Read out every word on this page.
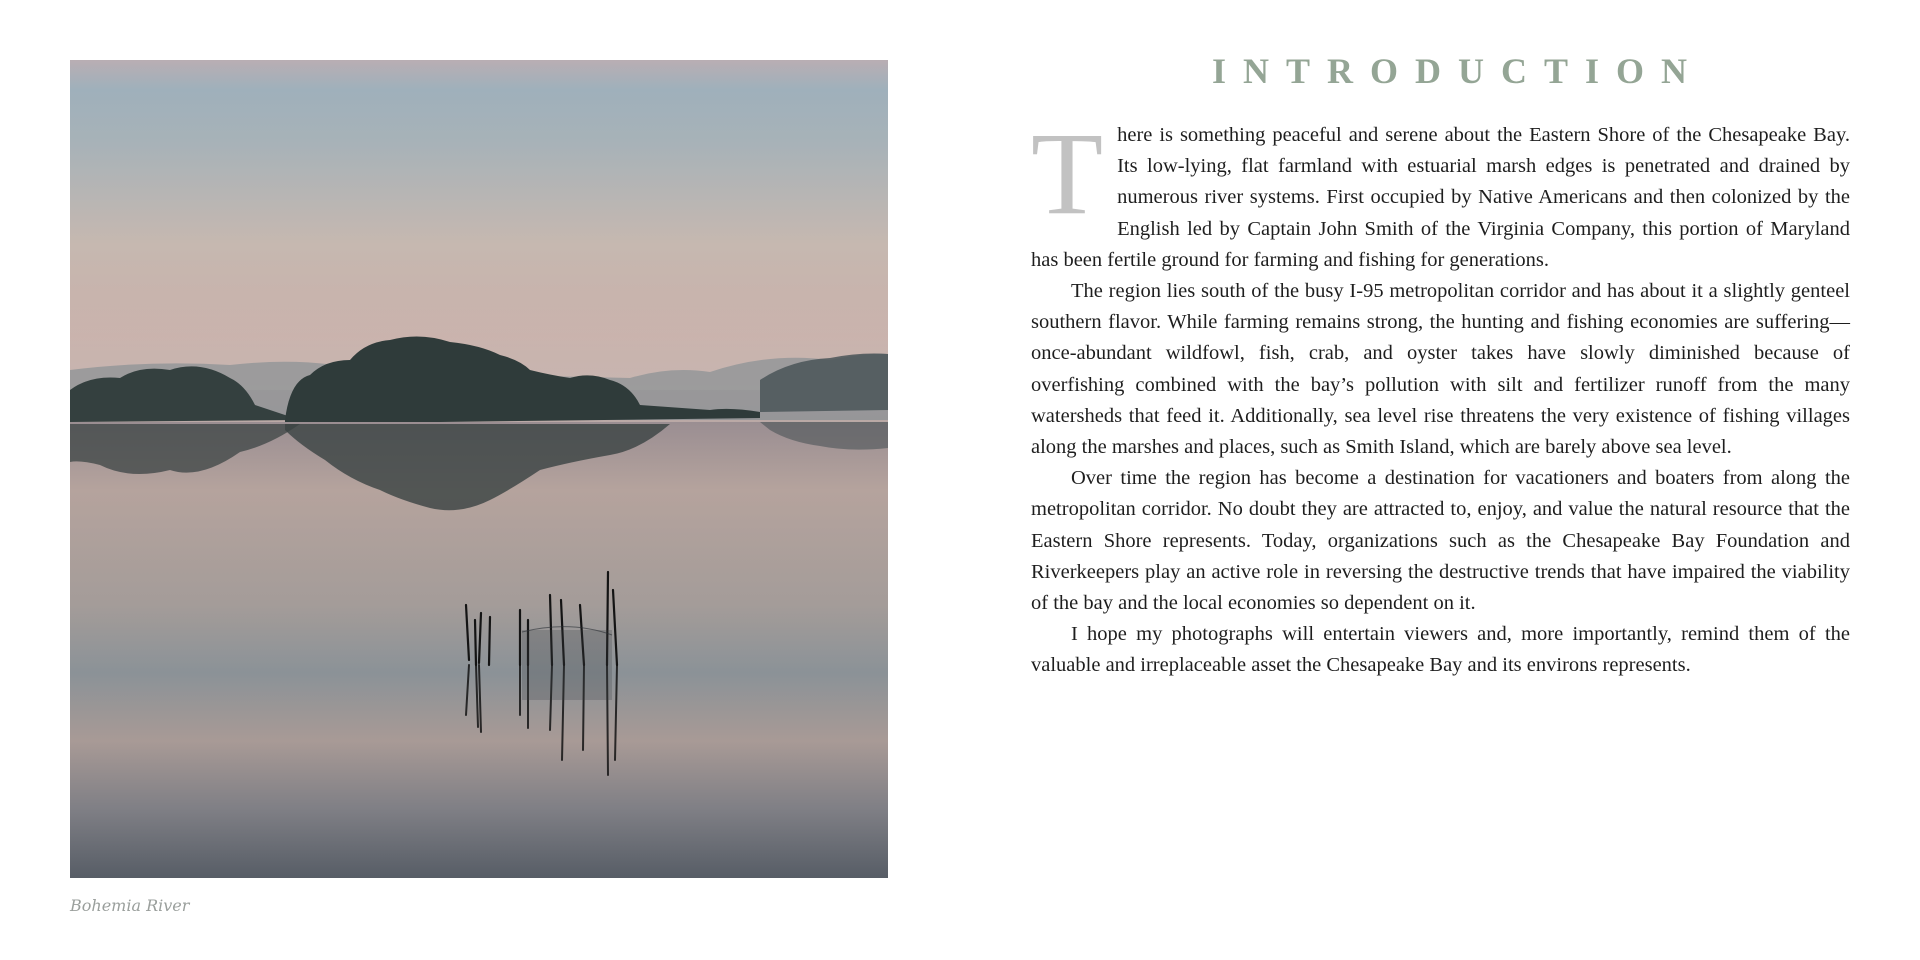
Bohemia River
INTRODUCTION

There is something peaceful and serene about the Eastern Shore of the Chesapeake Bay. Its low-lying, flat farmland with estuarial marsh edges is penetrated and drained by numerous river systems. First occupied by Native Americans and then colonized by the English led by Captain John Smith of the Virginia Company, this portion of Maryland has been fertile ground for farming and fishing for generations.

The region lies south of the busy I-95 metropolitan corridor and has about it a slightly genteel southern flavor. While farming remains strong, the hunting and fishing economies are suffering—once-abundant wildfowl, fish, crab, and oyster takes have slowly diminished because of overfishing combined with the bay’s pollution with silt and fertilizer runoff from the many watersheds that feed it. Additionally, sea level rise threatens the very existence of fishing villages along the marshes and places, such as Smith Island, which are barely above sea level.

Over time the region has become a destination for vacationers and boaters from along the metropolitan corridor. No doubt they are attracted to, enjoy, and value the natural resource that the Eastern Shore represents. Today, organizations such as the Chesapeake Bay Foundation and Riverkeepers play an active role in reversing the destructive trends that have impaired the viability of the bay and the local economies so dependent on it.

I hope my photographs will entertain viewers and, more importantly, remind them of the valuable and irreplaceable asset the Chesapeake Bay and its environs represents.
